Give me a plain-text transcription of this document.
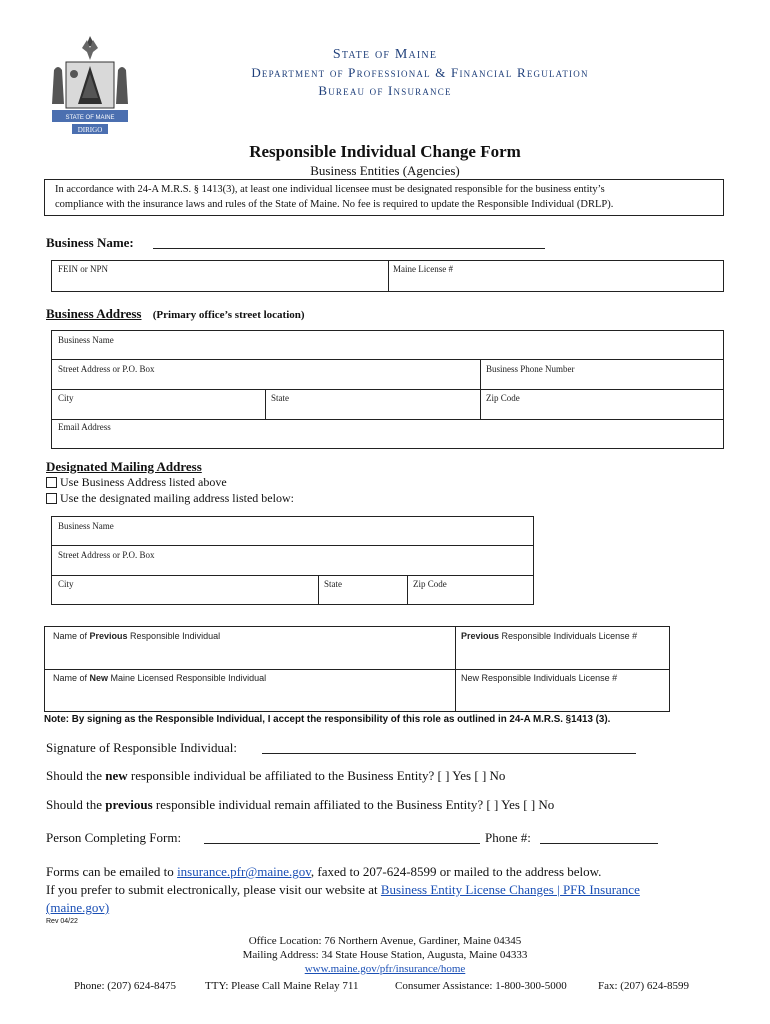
STATE OF MAINE
DIRIGO
State of Maine
Department of Professional & Financial Regulation
Bureau of Insurance
Responsible Individual Change Form
Business Entities (Agencies)
In accordance with 24-A M.R.S. § 1413(3), at least one individual licensee must be designated responsible for the business entity’s
compliance with the insurance laws and rules of the State of Maine. No fee is required to update the Responsible Individual (DRLP).
Business Name:
FEIN or NPN	Maine License #
Business Address (Primary office’s street location)
Business Name
Street Address or P.O. Box	Business Phone Number
City	State	Zip Code
Email Address
Designated Mailing Address
Use Business Address listed above
Use the designated mailing address listed below:
Business Name
Street Address or P.O. Box
City	State	Zip Code
Name of Previous Responsible Individual	Previous Responsible Individuals License #
Name of New Maine Licensed Responsible Individual	New Responsible Individuals License #
Note: By signing as the Responsible Individual, I accept the responsibility of this role as outlined in 24-A M.R.S. §1413 (3).
Signature of Responsible Individual:
Should the new responsible individual be affiliated to the Business Entity? [ ] Yes [ ] No
Should the previous responsible individual remain affiliated to the Business Entity? [ ] Yes [ ] No
Person Completing Form:	Phone #:
Forms can be emailed to insurance.pfr@maine.gov, faxed to 207-624-8599 or mailed to the address below.
If you prefer to submit electronically, please visit our website at Business Entity License Changes | PFR Insurance
(maine.gov)
Rev 04/22
Office Location: 76 Northern Avenue, Gardiner, Maine 04345
Mailing Address: 34 State House Station, Augusta, Maine 04333
www.maine.gov/pfr/insurance/home
Phone: (207) 624-8475	TTY: Please Call Maine Relay 711	Consumer Assistance: 1-800-300-5000	Fax: (207) 624-8599
